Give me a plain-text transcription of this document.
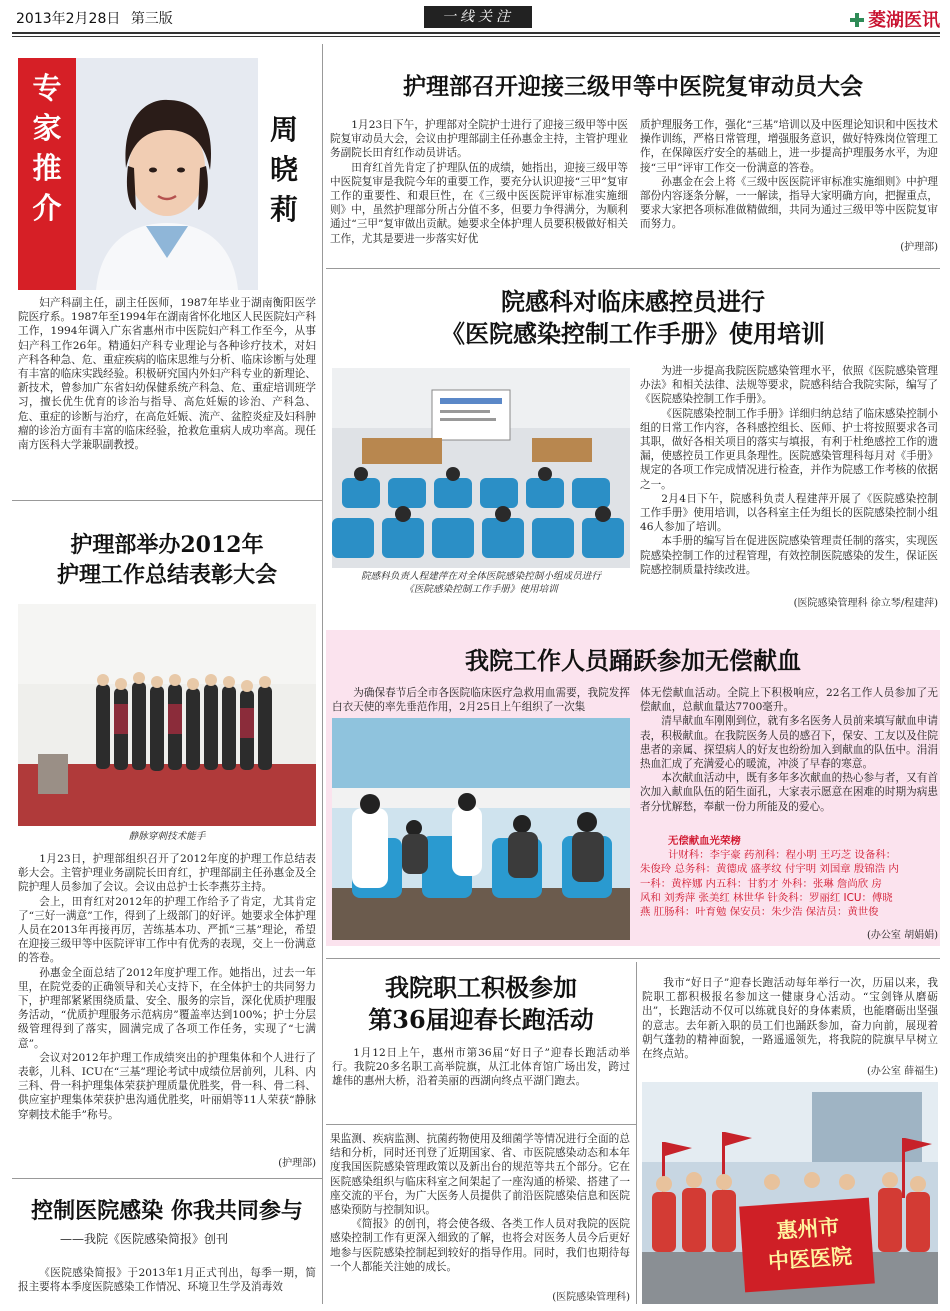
2013年2月28日 第三版	一线关注	菱湖医讯
专
家
推
介
周
晓
莉
妇产科副主任，副主任医师，1987年毕业于湖南衡阳医学院医疗系。1987年至1994年在湖南省怀化地区人民医院妇产科工作，1994年调入广东省惠州市中医院妇产科工作至今，从事妇产科工作26年。精通妇产科专业理论与各种诊疗技术，对妇产科各种急、危、重症疾病的临床思维与分析、临床诊断与处理有丰富的临床实践经验。积极研究国内外妇产科专业的新理论、新技术，曾参加广东省妇幼保健系统产科急、危、重症培训班学习，擅长优生优育的诊治与指导、高危妊娠的诊治、产科急、危、重症的诊断与治疗，在高危妊娠、流产、盆腔炎症及妇科肿瘤的诊治方面有丰富的临床经验，抢救危重病人成功率高。现任南方医科大学兼职副教授。
护理部举办2012年
护理工作总结表彰大会
静脉穿刺技术能手

1月23日，护理部组织召开了2012年度的护理工作总结表彰大会。主管护理业务副院长田育红，护理部副主任孙惠金及全院护理人员参加了会议。会议由总护士长李燕芬主持。

会上，田育红对2012年的护理工作给予了肯定，尤其肯定了“三好一满意”工作，得到了上级部门的好评。她要求全体护理人员在2013年再接再厉，苦练基本功、严抓“三基”理论，希望在迎接三级甲等中医院评审工作中有优秀的表现，交上一份满意的答卷。

孙惠金全面总结了2012年度护理工作。她指出，过去一年里，在院党委的正确领导和关心支持下，在全体护士的共同努力下，护理部紧紧围绕质量、安全、服务的宗旨，深化优质护理服务活动，“优质护理服务示范病房”覆盖率达到100%；护士分层级管理得到了落实，圆满完成了各项工作任务，实现了“七满意”。

会议对2012年护理工作成绩突出的护理集体和个人进行了表彰，儿科、ICU在“三基”理论考试中成绩位居前列，儿科、内三科、骨一科护理集体荣获护理质量优胜奖，骨一科、骨二科、供应室护理集体荣获护患沟通优胜奖，叶丽娟等11人荣获“静脉穿刺技术能手”称号。

(护理部)
控制医院感染 你我共同参与
——我院《医院感染简报》创刊
《医院感染简报》于2013年1月正式刊出，每季一期，简报主要将本季度医院感染工作情况、环境卫生学及消毒效

果监测、疾病监测、抗菌药物使用及细菌学等情况进行全面的总结和分析，同时还刊登了近期国家、省、市医院感染动态和本年度我国医院感染管理政策以及新出台的规范等共五个部分。它在医院感染组织与临床科室之间架起了一座沟通的桥梁、搭建了一座交流的平台，为广大医务人员提供了前沿医院感染信息和医院感染预防与控制知识。

《简报》的创刊，将会使各级、各类工作人员对我院的医院感染控制工作有更深入细致的了解，也将会对医务人员今后更好地参与医院感染控制起到较好的指导作用。同时，我们也期待每一个人都能关注她的成长。

(医院感染管理科)
护理部召开迎接三级甲等中医院复审动员大会

1月23日下午，护理部对全院护士进行了迎接三级甲等中医院复审动员大会，会议由护理部副主任孙惠金主持，主管护理业务副院长田育红作动员讲话。

田育红首先肯定了护理队伍的成绩，她指出，迎接三级甲等中医院复审是我院今年的重要工作，要充分认识迎接“三甲”复审工作的重要性、和艰巨性，在《三级中医医院评审标准实施细则》中，虽然护理部分所占分值不多，但要力争得满分，为顺利通过“三甲”复审做出贡献。她要求全体护理人员要积极做好相关工作，尤其是要进一步落实好优

质护理服务工作，强化“三基”培训以及中医理论知识和中医技术操作训练，严格日常管理，增强服务意识，做好特殊岗位管理工作，在保障医疗安全的基础上，进一步提高护理服务水平，为迎接“三甲”评审工作交一份满意的答卷。

孙惠金在会上将《三级中医医院评审标准实施细则》中护理部份内容逐条分解，一一解读，指导大家明确方向，把握重点，要求大家把各项标准做精做细，共同为通过三级甲等中医院复审而努力。

(护理部)
院感科对临床感控员进行
《医院感染控制工作手册》使用培训
院感科负责人程建萍在对全体医院感染控制小组成员进行
《医院感染控制工作手册》使用培训

为进一步提高我院医院感染管理水平，依照《医院感染管理办法》和相关法律、法规等要求，院感科结合我院实际，编写了《医院感染控制工作手册》。

《医院感染控制工作手册》详细归纳总结了临床感染控制小组的日常工作内容，各科感控组长、医师、护士将按照要求各司其职，做好各相关项目的落实与填报，有利于杜绝感控工作的遗漏，使感控员工作更具条理性。医院感染管理科每月对《手册》规定的各项工作完成情况进行检查，并作为院感工作考核的依据之一。

2月4日下午，院感科负责人程建萍开展了《医院感染控制工作手册》使用培训，以各科室主任为组长的医院感染控制小组46人参加了培训。

本手册的编写旨在促进医院感染管理责任制的落实，实现医院感染控制工作的过程管理，有效控制医院感染的发生，保证医院感控制质量持续改进。

(医院感染管理科 徐立琴/程建萍)
我院工作人员踊跃参加无偿献血
为确保春节后全市各医院临床医疗急救用血需要，我院发挥白衣天使的率先垂范作用，2月25日上午组织了一次集

体无偿献血活动。全院上下积极响应，22名工作人员参加了无偿献血，总献血量达7700毫升。

清早献血车刚刚到位，就有多名医务人员前来填写献血申请表，积极献血。在我院医务人员的感召下，保安、工友以及住院患者的亲属、探望病人的好友也纷纷加入到献血的队伍中。涓涓热血汇成了充满爱心的暖流，冲淡了早春的寒意。

本次献血活动中，既有多年多次献血的热心参与者，又有首次加入献血队伍的陌生面孔，大家表示愿意在困难的时期为病患者分忧解愁，奉献一份力所能及的爱心。

无偿献血光荣榜
计财科：李宇豪 药剂科：程小明 王巧芝 设备科：
朱俊玲 总务科：黄德成 盛孝纹 付宇明 刘国章 殷锦浩 内
一科：黄梓娜 内五科：甘豹才 外科：张琳 詹尚欣 房
风和 刘秀萍 张美红 林世华 针灸科：罗丽红 ICU：傅晓
燕 肛肠科：叶育勉 保安员：朱少浩 保洁员：黄世俊
(办公室 胡娟娟)
我院职工积极参加
第36届迎春长跑活动
1月12日上午，惠州市第36届“好日子”迎春长跑活动举行。我院20多名职工高举院旗，从江北体育馆广场出发，跨过雄伟的惠州大桥，沿着美丽的西湖向终点平湖门跑去。
我市“好日子”迎春长跑活动每年举行一次，历届以来，我院职工都积极报名参加这一健康身心活动。“宝剑锋从磨砺出”，长跑活动不仅可以练就良好的身体素质，也能磨砺出坚强的意志。去年新入职的员工们也踊跃参加，奋力向前，展现着朝气蓬勃的精神面貌，一路遥遥领先，将我院的院旗早早树立在终点站。
(办公室 薛福生)
惠州市
中医医院
